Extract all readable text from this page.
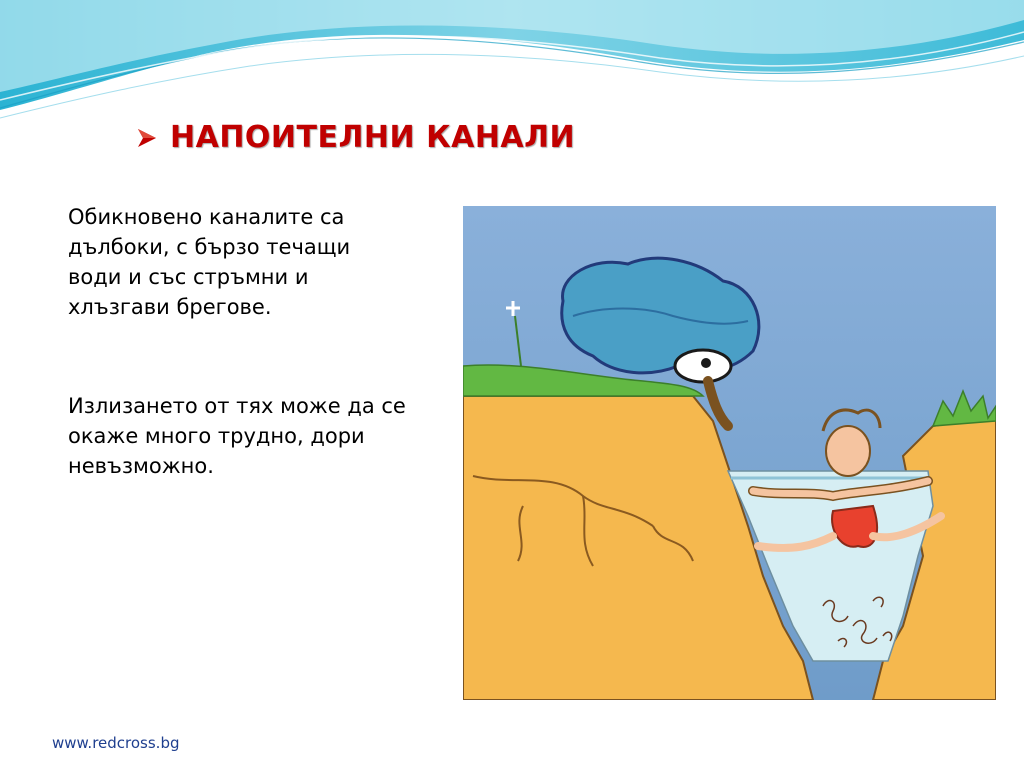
НАПОИТЕЛНИ КАНАЛИ
Обикновено каналите са дълбоки, с бързо течащи води и със стръмни и хлъзгави брегове.
Излизането от тях може да се окаже много трудно, дори невъзможно.
www.redcross.bg
